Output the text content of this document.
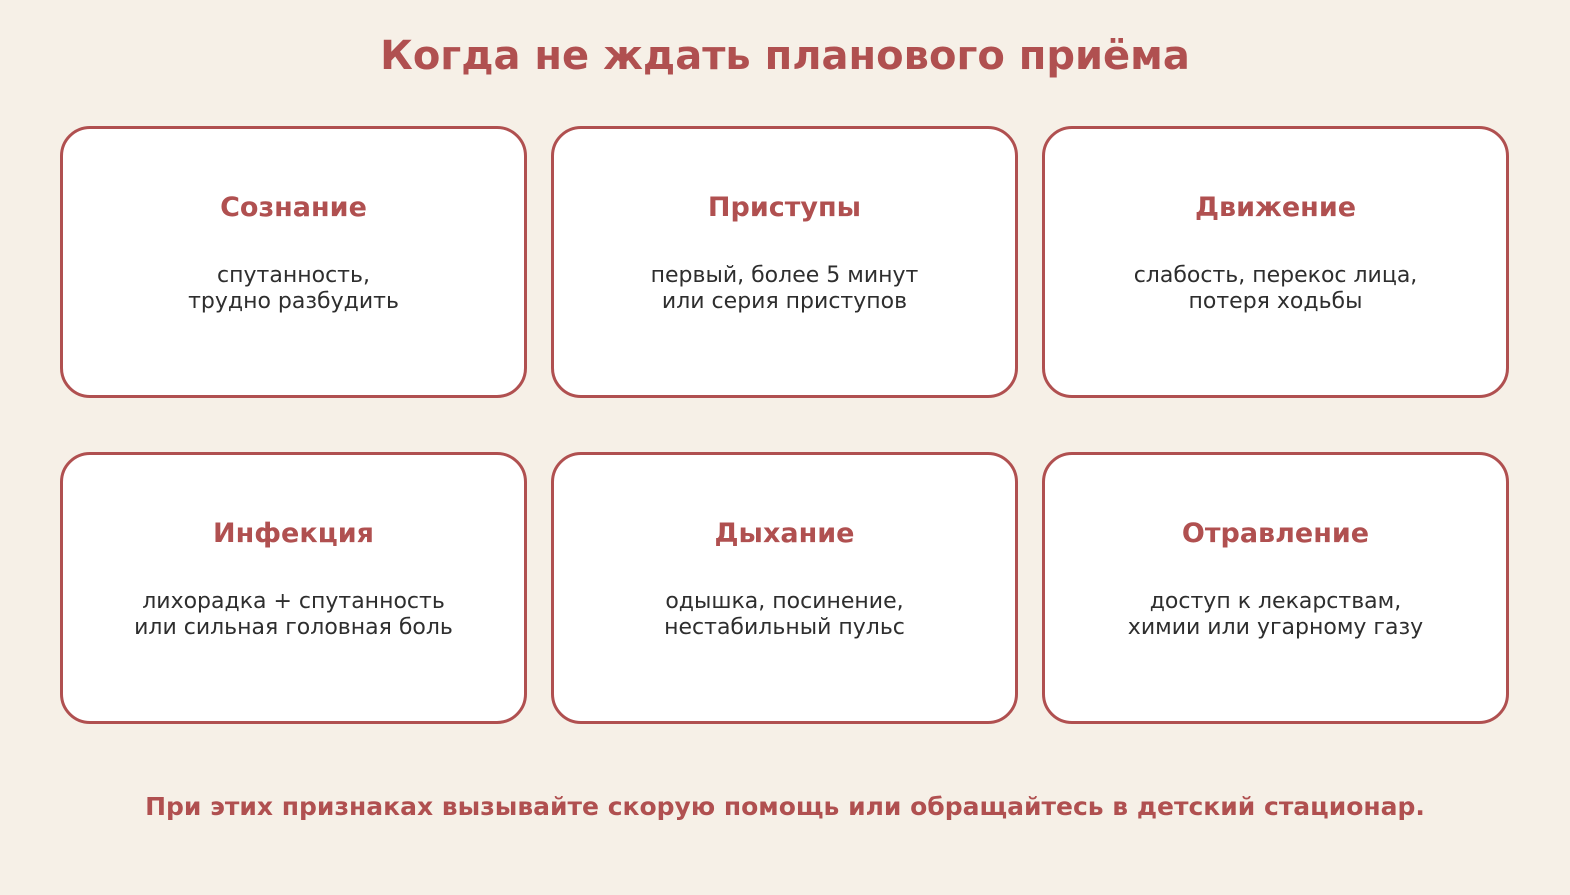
Когда не ждать планового приёма
Сознание
спутанность,
трудно разбудить
Приступы
первый, более 5 минут
или серия приступов
Движение
слабость, перекос лица,
потеря ходьбы
Инфекция
лихорадка + спутанность
или сильная головная боль
Дыхание
одышка, посинение,
нестабильный пульс
Отравление
доступ к лекарствам,
химии или угарному газу

При этих признаках вызывайте скорую помощь или обращайтесь в детский стационар.
